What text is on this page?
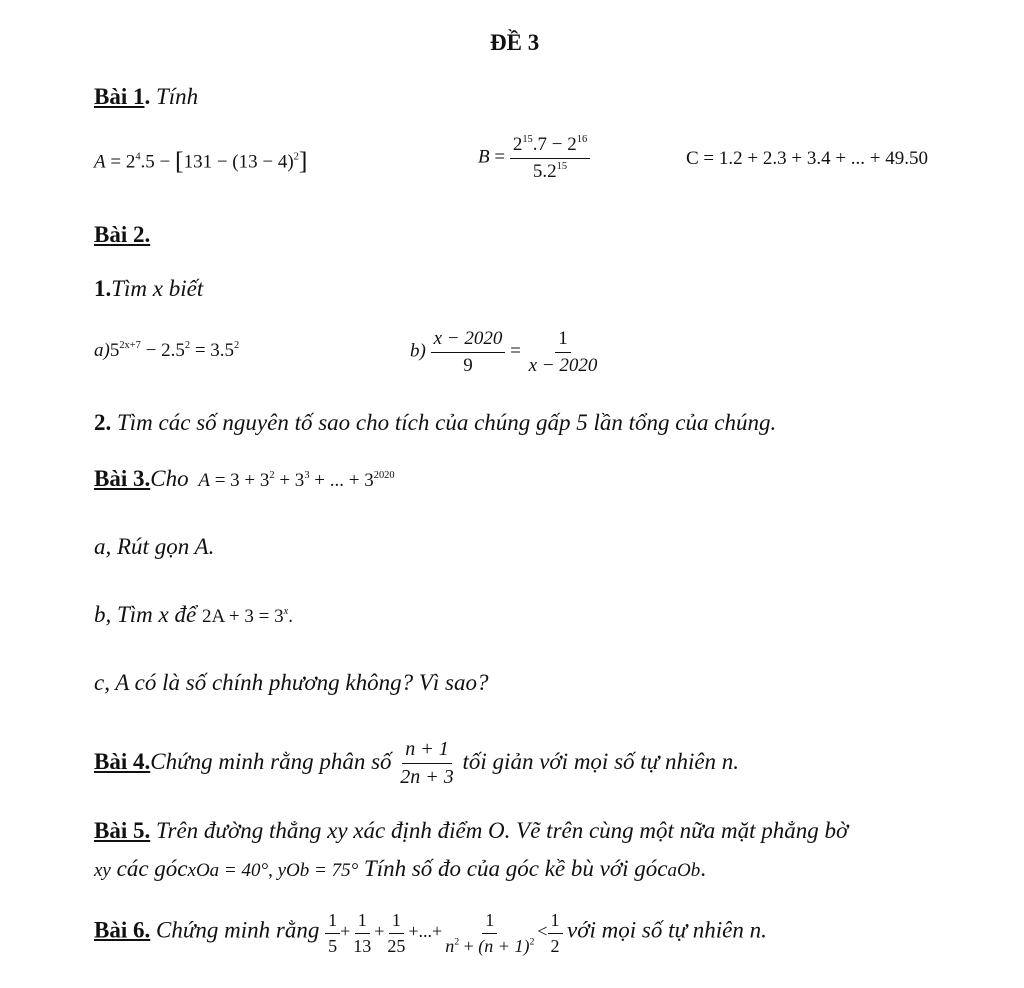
ĐỀ 3
Bài 1. Tính
$A = 2^4.5 - [131 - (13 - 4)^2]$	$B = \frac{2^{15}.7 - 2^{16}}{5.2^{15}}$	C = 1.2 + 2.3 + 3.4 + ... + 49.50
Bài 2.
1.Tìm x biết
$a)5^{2x+7} - 2.5^2 = 3.5^2$	$b) \frac{x - 2020}{9} = \frac{1}{x - 2020}$
2. Tìm các số nguyên tố sao cho tích của chúng gấp 5 lần tổng của chúng.
Bài 3.Cho $A = 3 + 3^2 + 3^3$ + ... + $3^{2020}$
a, Rút gọn A.
b, Tìm x để $2A + 3 = 3^x$.
c, A có là số chính phương không? Vì sao?
Bài 4.Chứng minh rằng phân số $\frac{n + 1}{2n + 3}$ tối giản với mọi số tự nhiên n.
Bài 5. Trên đường thẳng xy xác định điểm O. Vẽ trên cùng một nữa mặt phẳng bờ
xy các gócxOa = 40°, yOb = 75° Tính số đo của góc kề bù với gócaOb.
Bài 6. Chứng minh rằng $\frac{1}{5} + \frac{1}{13} + \frac{1}{25}$ +...+ $\frac{1}{n^2 + (n + 1)^2} < \frac{1}{2}$ với mọi số tự nhiên n.
